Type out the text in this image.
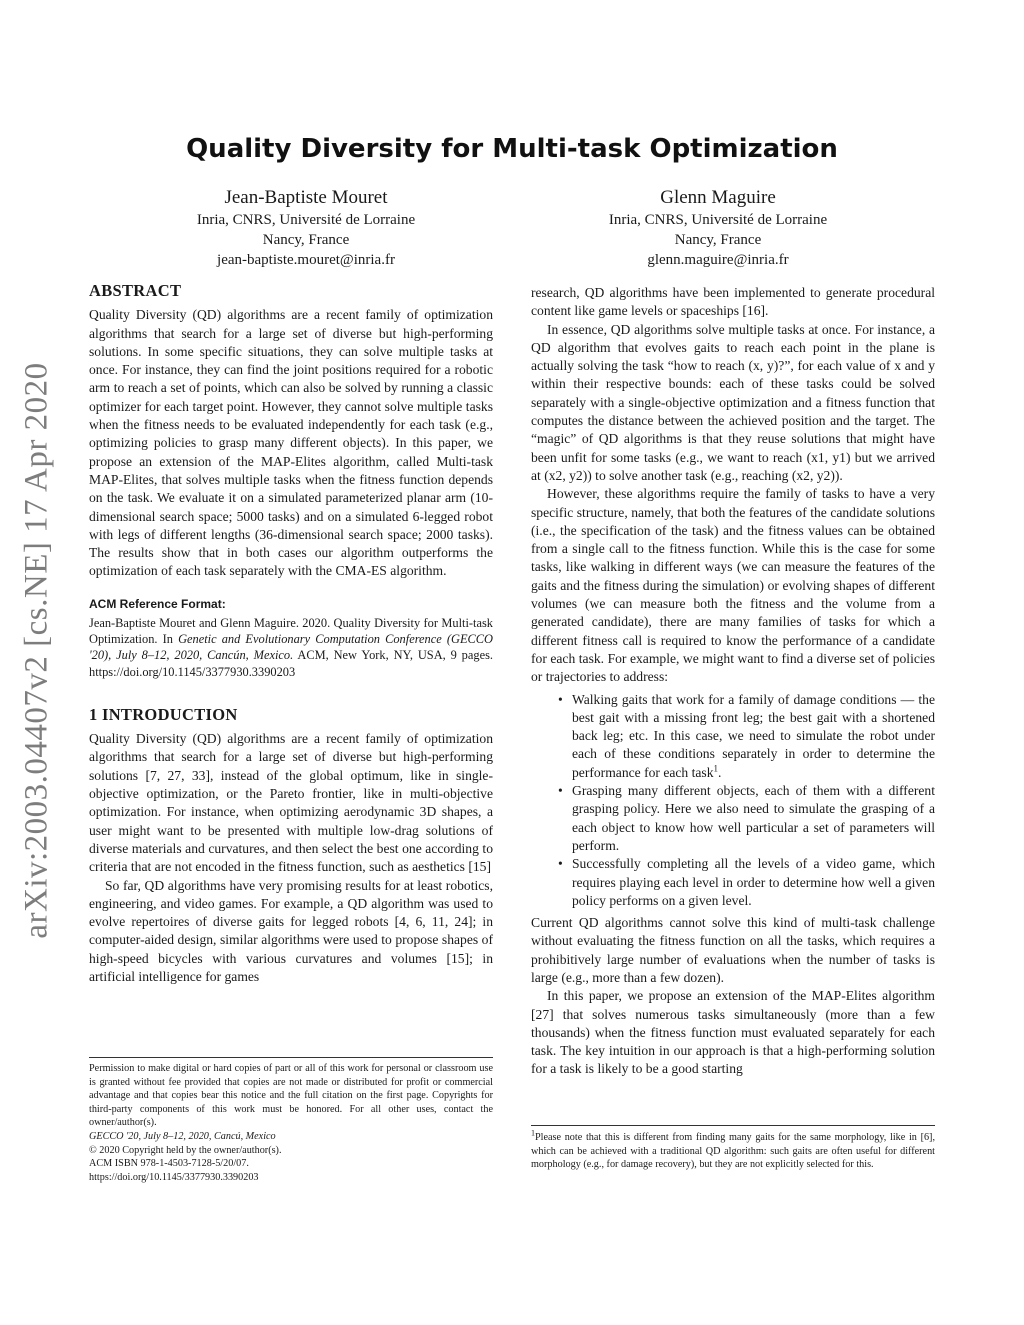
arXiv:2003.04407v2 [cs.NE] 17 Apr 2020
Quality Diversity for Multi-task Optimization
Jean-Baptiste Mouret
Inria, CNRS, Université de Lorraine
Nancy, France
jean-baptiste.mouret@inria.fr
Glenn Maguire
Inria, CNRS, Université de Lorraine
Nancy, France
glenn.maguire@inria.fr
ABSTRACT

Quality Diversity (QD) algorithms are a recent family of optimization algorithms that search for a large set of diverse but high-performing solutions. In some specific situations, they can solve multiple tasks at once. For instance, they can find the joint positions required for a robotic arm to reach a set of points, which can also be solved by running a classic optimizer for each target point. However, they cannot solve multiple tasks when the fitness needs to be evaluated independently for each task (e.g., optimizing policies to grasp many different objects). In this paper, we propose an extension of the MAP-Elites algorithm, called Multi-task MAP-Elites, that solves multiple tasks when the fitness function depends on the task. We evaluate it on a simulated parameterized planar arm (10-dimensional search space; 5000 tasks) and on a simulated 6-legged robot with legs of different lengths (36-dimensional search space; 2000 tasks). The results show that in both cases our algorithm outperforms the optimization of each task separately with the CMA-ES algorithm.

ACM Reference Format:

Jean-Baptiste Mouret and Glenn Maguire. 2020. Quality Diversity for Multi-task Optimization. In Genetic and Evolutionary Computation Conference (GECCO '20), July 8–12, 2020, Cancún, Mexico. ACM, New York, NY, USA, 9 pages. https://doi.org/10.1145/3377930.3390203

1 INTRODUCTION

Quality Diversity (QD) algorithms are a recent family of optimization algorithms that search for a large set of diverse but high-performing solutions [7, 27, 33], instead of the global optimum, like in single-objective optimization, or the Pareto frontier, like in multi-objective optimization. For instance, when optimizing aerodynamic 3D shapes, a user might want to be presented with multiple low-drag solutions of diverse materials and curvatures, and then select the best one according to criteria that are not encoded in the fitness function, such as aesthetics [15]

So far, QD algorithms have very promising results for at least robotics, engineering, and video games. For example, a QD algorithm was used to evolve repertoires of diverse gaits for legged robots [4, 6, 11, 24]; in computer-aided design, similar algorithms were used to propose shapes of high-speed bicycles with various curvatures and volumes [15]; in artificial intelligence for games

Permission to make digital or hard copies of part or all of this work for personal or classroom use is granted without fee provided that copies are not made or distributed for profit or commercial advantage and that copies bear this notice and the full citation on the first page. Copyrights for third-party components of this work must be honored. For all other uses, contact the owner/author(s).

GECCO '20, July 8–12, 2020, Cancú, Mexico

© 2020 Copyright held by the owner/author(s).

ACM ISBN 978-1-4503-7128-5/20/07.

https://doi.org/10.1145/3377930.3390203

research, QD algorithms have been implemented to generate procedural content like game levels or spaceships [16].

In essence, QD algorithms solve multiple tasks at once. For instance, a QD algorithm that evolves gaits to reach each point in the plane is actually solving the task “how to reach (x, y)?”, for each value of x and y within their respective bounds: each of these tasks could be solved separately with a single-objective optimization and a fitness function that computes the distance between the achieved position and the target. The “magic” of QD algorithms is that they reuse solutions that might have been unfit for some tasks (e.g., we want to reach (x1, y1) but we arrived at (x2, y2)) to solve another task (e.g., reaching (x2, y2)).

However, these algorithms require the family of tasks to have a very specific structure, namely, that both the features of the candidate solutions (i.e., the specification of the task) and the fitness values can be obtained from a single call to the fitness function. While this is the case for some tasks, like walking in different ways (we can measure the features of the gaits and the fitness during the simulation) or evolving shapes of different volumes (we can measure both the fitness and the volume from a generated candidate), there are many families of tasks for which a different fitness call is required to know the performance of a candidate for each task. For example, we might want to find a diverse set of policies or trajectories to address:

• Walking gaits that work for a family of damage conditions — the best gait with a missing front leg; the best gait with a shortened back leg; etc. In this case, we need to simulate the robot under each of these conditions separately in order to determine the performance for each task$^1$.
• Grasping many different objects, each of them with a different grasping policy. Here we also need to simulate the grasping of a each object to know how well particular a set of parameters will perform.
• Successfully completing all the levels of a video game, which requires playing each level in order to determine how well a given policy performs on a given level.

Current QD algorithms cannot solve this kind of multi-task challenge without evaluating the fitness function on all the tasks, which requires a prohibitively large number of evaluations when the number of tasks is large (e.g., more than a few dozen).

In this paper, we propose an extension of the MAP-Elites algorithm [27] that solves numerous tasks simultaneously (more than a few thousands) when the fitness function must evaluated separately for each task. The key intuition in our approach is that a high-performing solution for a task is likely to be a good starting

$^1$Please note that this is different from finding many gaits for the same morphology, like in [6], which can be achieved with a traditional QD algorithm: such gaits are often useful for different morphology (e.g., for damage recovery), but they are not explicitly selected for this.
